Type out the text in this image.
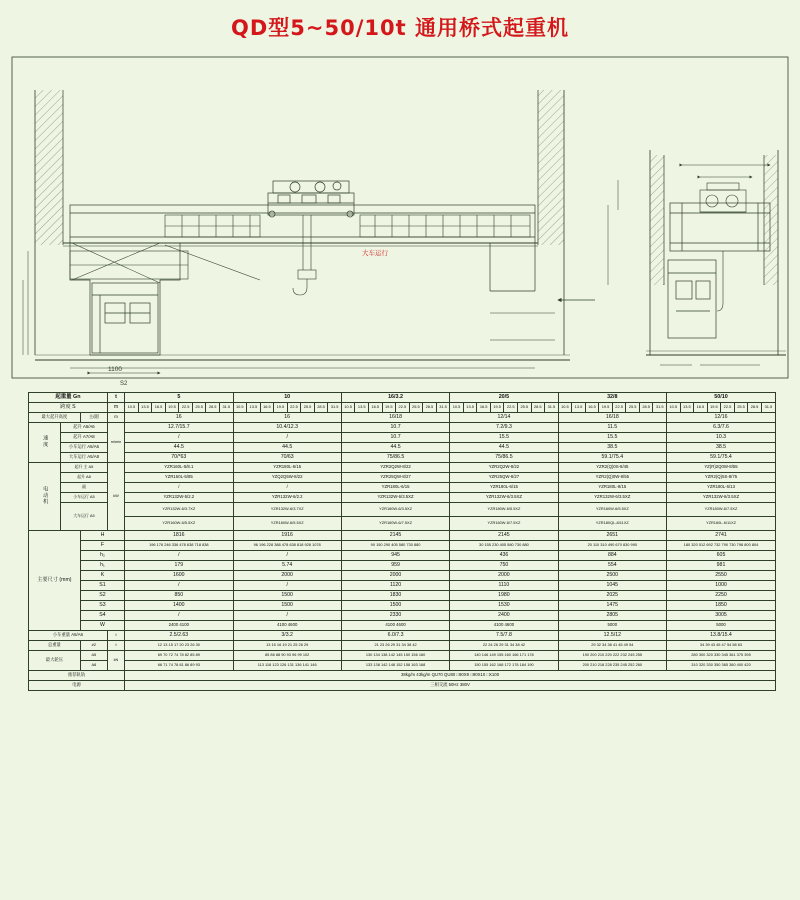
QD型5~50/10t 通用桥式起重机
大车运行
1100
S2
>60	230	S	230	260
F
2430
S1
h2	h1
S3
S4
300
H
A
A向
K
W
730	1540
起重量 Gn			t	5								10								16/3.2								20/5								32/8								50/10							
跨度 S			m	10.5	13.5	16.5	19.5	22.5	25.5	28.5	31.5	10.5	13.5	16.5	19.5	22.5	25.5	28.5	31.5	10.5	13.5	16.5	19.5	22.5	25.5	28.5	31.5	10.5	13.5	16.5	19.5	22.5	25.5	28.5	31.5	10.5	13.5	16.5	19.5	22.5	25.5	28.5	31.5	10.5	13.5	16.5	19.5	22.5	25.5	28.5	31.5
最大起升高度		主/副	m	16								16								16/18								12/14								16/18								12/16							
速度	起升 A5/A6		m/min	12.7/15.7								10.4/12.3								10.7								7.2/9.3								11.5								6.3/7.6							
	起升 A7/A8			/								/								10.7								15.5								15.5								10.3							
	小车运行 A5/A6			44.5								44.5								44.5								44.5								38.5								38.5							
	大车运行 A5/A8			70/*63								70/63								75/86.5								75/86.5								59.1/75.4								59.1/75.4							
电动机	起升 主 A5		kW	YZR160L-5/8.1								YZR180L-6/15								YZR2Q2W-8/22								YZR2Q2W-8/22								YZR2(Q)0S-8/45								YZ(R)2Q0W-8/55							
	起升 A8			YZR160L-5/85								YZQ2Q5W-8/22								YZR25QW-8/27								YZR25QW-8/27								YZR2(Q)0W-8/55								YZR2(Q)5S-8/75							
	副			/								/								YZR180L-6/15								YZR180L-6/15								YZR180L-8/15								YZR180L-6/13							
	小车运行 A5			YZR132W-5/2.2								YZR132W-6/2.2								YZR132W-6/3.5XZ								YZR132W-6/3.5XZ								YZR132W-6/3.5XZ								YZR132W-6/3.5XZ							
	大车运行 A5			YZR132W-6/3.7XZ								YZR132W-6/3.7XZ								YZR160W-6/3.5XZ								YZR180W-6/5.5XZ								YZR160W-6/5.5XZ								YZR180W-6/7.5XZ							
				YZR160W-6/5.5XZ								YZR160W-6/5.5XZ								YZR160W-6/7.5XZ								YZR160W-6/7.5XZ								YZR180QL-8/11XZ								YZR160L-6/11XZ							
主要尺寸 (mm)		H		1816								1916								2145								2145								2651								2741							
		F		196 176 246 336 478 638 718 838								96 196 228 388 478 638 818 928 1078								90 150 290 405 580 730 880								30 155 230 405 580 730 880								20 110 310 490 670 830 990								180 320 512 692 732 790 730 798 800 804							
		h₂		/								/								945								436								884								605							
		h₁		179								5.74								959								750								554								981							
		K		1600								2000								2000								2000								2500								2550							
		S1		/								/								1120								1110								1045								1000							
		S2		850								1500								1830								1980								2025								2250							
		S3		1400								1500								1500								1530								1475								1850							
		S4		/								/								2330								2400								2805								3005							
		W		2400 4100								4100 4600								4100 4600								4100 4600								5000								5000							
小车重量 A5/A6			t	2.5/2.63								3/3.2								6.0/7.3								7.5/7.8								12.5/12								13.8/15.4							
总重量		#2	t	12 13 15 17 20 23 26 30								13 15 16 19 21 25 26 29								21 23 26 29 31 34 38 42								22 24 26 29 31 34 38 42								29 32 34 38 41 45 49 54								34 39 43 45 47 54 58 63							
最大轮压		A5	kN	69 70 72 74 78 82 85 89								85 86 88 90 93 96 99 102								130 134 138 142 145 150 156 160								140 146 149 155 160 166 171 178								190 200 210 220 222 232 245 255								280 300 320 330 345 361 375 395							
		A8		66 71 74 78 81 86 89 93								113 118 123 126 131 136 141 146								133 138 142 148 152 158 163 168								150 155 162 168 172 178 184 190								200 210 218 228 235 245 252 260								310 320 330 350 365 380 400 420							
推荐轨轨				38kg/m 43kg/m QU70 QU80 □90X9 □90X10 □X100																																															
电源				三相交流 50Hz 380V																																															
